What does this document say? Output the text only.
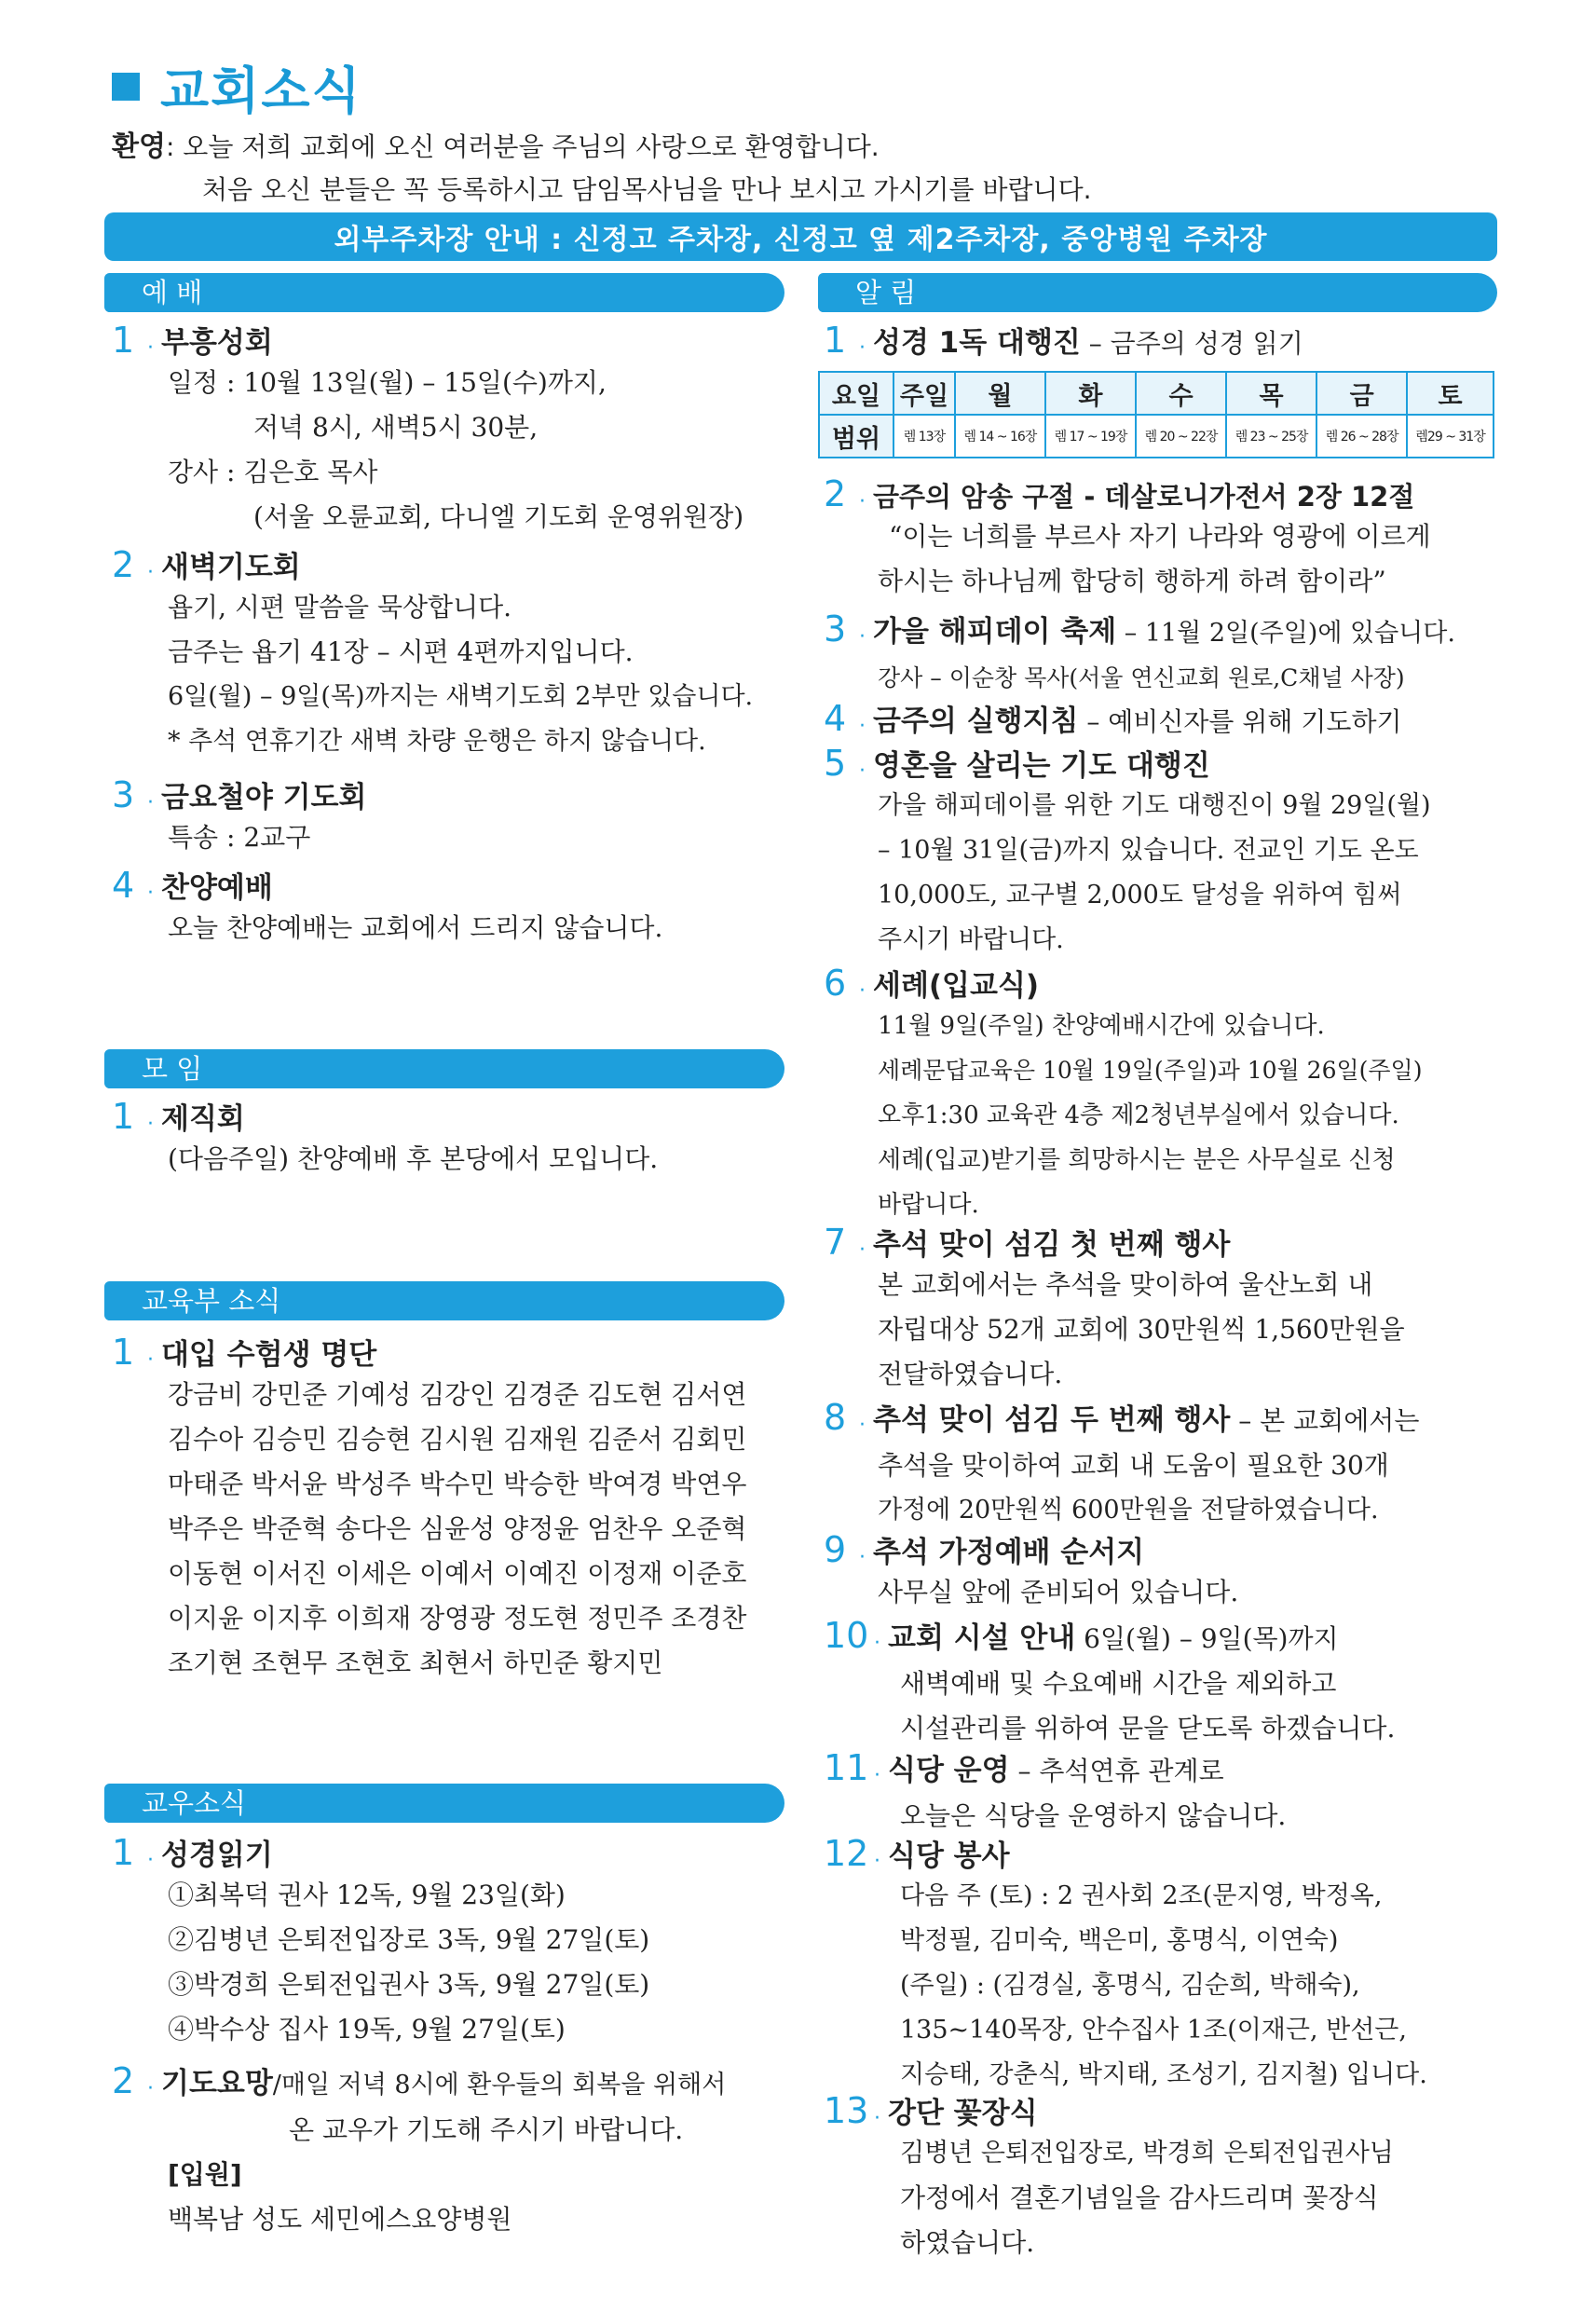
교회소식
환영: 오늘 저희 교회에 오신 여러분을 주님의 사랑으로 환영합니다.
처음 오신 분들은 꼭 등록하시고 담임목사님을 만나 보시고 가시기를 바랍니다.
외부주차장 안내 : 신정고 주차장, 신정고 옆 제2주차장, 중앙병원 주차장
예 배
1 · 부흥성회
일정 : 10월 13일(월) – 15일(수)까지,
저녁 8시, 새벽5시 30분,
강사 : 김은호 목사
(서울 오륜교회, 다니엘 기도회 운영위원장)
2 · 새벽기도회
욥기, 시편 말씀을 묵상합니다.
금주는 욥기 41장 – 시편 4편까지입니다.
6일(월) – 9일(목)까지는 새벽기도회 2부만 있습니다.
* 추석 연휴기간 새벽 차량 운행은 하지 않습니다.
3 · 금요철야 기도회
특송 : 2교구
4 · 찬양예배
오늘 찬양예배는 교회에서 드리지 않습니다.
모 임
1 · 제직회
(다음주일) 찬양예배 후 본당에서 모입니다.
교육부 소식
1 · 대입 수험생 명단
강금비 강민준 기예성 김강인 김경준 김도현 김서연
김수아 김승민 김승현 김시원 김재원 김준서 김회민
마태준 박서윤 박성주 박수민 박승한 박여경 박연우
박주은 박준혁 송다은 심윤성 양정윤 엄찬우 오준혁
이동현 이서진 이세은 이예서 이예진 이정재 이준호
이지윤 이지후 이희재 장영광 정도현 정민주 조경찬
조기현 조현무 조현호 최현서 하민준 황지민
교우소식
1 · 성경읽기
①최복덕 권사 12독, 9월 23일(화)
②김병년 은퇴전입장로 3독, 9월 27일(토)
③박경희 은퇴전입권사 3독, 9월 27일(토)
④박수상 집사 19독, 9월 27일(토)
2 · 기도요망/매일 저녁 8시에 환우들의 회복을 위해서
온 교우가 기도해 주시기 바랍니다.
[입원]
백복남 성도 세민에스요양병원
알 림
1 · 성경 1독 대행진 – 금주의 성경 읽기
요일	주일	월	화	수	목	금	토
범위	렘 13장	렘 14 ~ 16장	렘 17 ~ 19장	렘 20 ~ 22장	렘 23 ~ 25장	렘 26 ~ 28장	렘29 ~ 31장
2 · 금주의 암송 구절 - 데살로니가전서 2장 12절
“이는 너희를 부르사 자기 나라와 영광에 이르게
하시는 하나님께 합당히 행하게 하려 함이라”
3 · 가을 해피데이 축제 – 11월 2일(주일)에 있습니다.
강사 – 이순창 목사(서울 연신교회 원로,C채널 사장)
4 · 금주의 실행지침 – 예비신자를 위해 기도하기
5 · 영혼을 살리는 기도 대행진
가을 해피데이를 위한 기도 대행진이 9월 29일(월)
– 10월 31일(금)까지 있습니다. 전교인 기도 온도
10,000도, 교구별 2,000도 달성을 위하여 힘써
주시기 바랍니다.
6 · 세례(입교식)
11월 9일(주일) 찬양예배시간에 있습니다.
세례문답교육은 10월 19일(주일)과 10월 26일(주일)
오후1:30 교육관 4층 제2청년부실에서 있습니다.
세례(입교)받기를 희망하시는 분은 사무실로 신청
바랍니다.
7 · 추석 맞이 섬김 첫 번째 행사
본 교회에서는 추석을 맞이하여 울산노회 내
자립대상 52개 교회에 30만원씩 1,560만원을
전달하였습니다.
8 · 추석 맞이 섬김 두 번째 행사 – 본 교회에서는
추석을 맞이하여 교회 내 도움이 필요한 30개
가정에 20만원씩 600만원을 전달하였습니다.
9 · 추석 가정예배 순서지
사무실 앞에 준비되어 있습니다.
10 · 교회 시설 안내 6일(월) – 9일(목)까지
새벽예배 및 수요예배 시간을 제외하고
시설관리를 위하여 문을 닫도록 하겠습니다.
11 · 식당 운영 – 추석연휴 관계로
오늘은 식당을 운영하지 않습니다.
12 · 식당 봉사
다음 주 (토) : 2 권사회 2조(문지영, 박정옥,
박정필, 김미숙, 백은미, 홍명식, 이연숙)
(주일) : (김경실, 홍명식, 김순희, 박해숙),
135~140목장, 안수집사 1조(이재근, 반선근,
지승태, 강춘식, 박지태, 조성기, 김지철) 입니다.
13 · 강단 꽃장식
김병년 은퇴전입장로, 박경희 은퇴전입권사님
가정에서 결혼기념일을 감사드리며 꽃장식
하였습니다.
